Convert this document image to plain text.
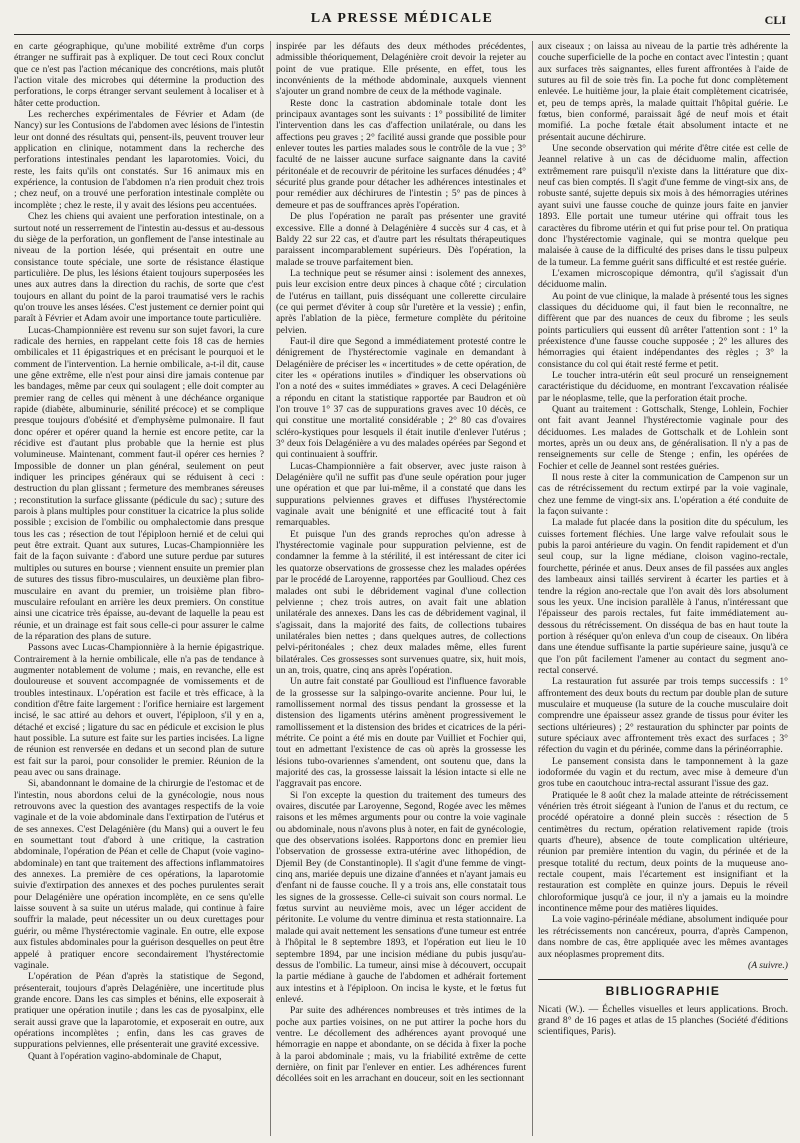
LA PRESSE MÉDICALE	CLI

en carte géographique, qu'une mobilité extrême d'un corps étranger ne suffirait pas à expliquer. De tout ceci Roux conclut que ce n'est pas l'action mécanique des concrétions, mais plutôt l'action vitale des microbes qui détermine la production des perforations, le corps étranger servant seulement à localiser et à hâter cette production.

Les recherches expérimentales de Février et Adam (de Nancy) sur les Contusions de l'abdomen avec lésions de l'intestin leur ont donné des résultats qui, pensent-ils, peuvent trouver leur application en clinique, notamment dans la recherche des perforations intestinales pendant les laparotomies. Voici, du reste, les faits qu'ils ont constatés. Sur 16 animaux mis en expérience, la contusion de l'abdomen n'a rien produit chez trois ; chez neuf, on a trouvé une perforation intestinale complète ou incomplète ; chez le reste, il y avait des lésions peu accentuées.

Chez les chiens qui avaient une perforation intestinale, on a surtout noté un resserrement de l'intestin au-dessus et au-dessous du siège de la perforation, un gonflement de l'anse intestinale au niveau de la portion lésée, qui présentait en outre une consistance toute spéciale, une sorte de résistance élastique particulière. De plus, les lésions étaient toujours superposées les unes aux autres dans la direction du rachis, de sorte que c'est toujours en allant du point de la paroi traumatisé vers le rachis qu'on trouve les anses lésées. C'est justement ce dernier point qui paraît à Février et Adam avoir une importance toute particulière.

Lucas-Championnière est revenu sur son sujet favori, la cure radicale des hernies, en rappelant cette fois 18 cas de hernies ombilicales et 11 épigastriques et en précisant le pourquoi et le comment de l'intervention. La hernie ombilicale, a-t-il dit, cause une gêne extrême, elle n'est pour ainsi dire jamais contenue par les bandages, même par ceux qui soulagent ; elle doit compter au premier rang de celles qui mènent à une déchéance organique rapide (diabète, albuminurie, sénilité précoce) et se complique presque toujours d'obésité et d'emphysème pulmonaire. Il faut donc opérer et opérer quand la hernie est encore petite, car la récidive est d'autant plus probable que la hernie est plus volumineuse. Maintenant, comment faut-il opérer ces hernies ? Impossible de donner un plan général, seulement on peut indiquer les principes généraux qui se réduisent à ceci : destruction du plan glissant ; fermeture des membranes séreuses ; reconstitution la surface glissante (pédicule du sac) ; suture des parois à plans multiples pour constituer la cicatrice la plus solide possible ; excision de l'ombilic ou omphalectomie dans presque tous les cas ; résection de tout l'épiploon hernié et de celui qui peut être extrait. Quant aux sutures, Lucas-Championnière les fait de la façon suivante : d'abord une suture perdue par sutures multiples ou sutures en bourse ; viennent ensuite un premier plan de sutures des tissus fibro-musculaires, un deuxième plan fibro-musculaire en avant du premier, un troisième plan fibro-musculaire refoulant en arrière les deux premiers. On constitue ainsi une cicatrice très épaisse, au-devant de laquelle la peau est réunie, et un drainage est fait sous celle-ci pour assurer le calme de la réparation des plans de suture.

Passons avec Lucas-Championnière à la hernie épigastrique. Contrairement à la hernie ombilicale, elle n'a pas de tendance à augmenter notablement de volume ; mais, en revanche, elle est douloureuse et souvent accompagnée de vomissements et de troubles intestinaux. L'opération est facile et très efficace, à la condition d'être faite largement : l'orifice herniaire est largement incisé, le sac attiré au dehors et ouvert, l'épiploon, s'il y en a, détaché et excisé ; ligature du sac en pédicule et excision le plus haut possible. La suture est faite sur les parties incisées. La ligne de réunion est renversée en dedans et un second plan de suture est fait sur la paroi, pour consolider le premier. Réunion de la peau avec ou sans drainage.

Si, abandonnant le domaine de la chirurgie de l'estomac et de l'intestin, nous abordons celui de la gynécologie, nous nous retrouvons avec la question des avantages respectifs de la voie vaginale et de la voie abdominale dans l'extirpation de l'utérus et de ses annexes. C'est Delagénière (du Mans) qui a ouvert le feu en soumettant tout d'abord à une critique, la castration abdominale, l'opération de Péan et celle de Chaput (voie vagino-abdominale) en tant que traitement des affections inflammatoires des annexes. La première de ces opérations, la laparotomie suivie d'extirpation des annexes et des poches purulentes serait pour Delagénière une opération incomplète, en ce sens qu'elle laisse souvent à sa suite un utérus malade, qui continue à faire souffrir la malade, peut nécessiter un ou deux curettages pour guérir, ou même l'hystérectomie vaginale. En outre, elle expose aux fistules abdominales pour la guérison desquelles on peut être appelé à pratiquer encore secondairement l'hystérectomie vaginale.

L'opération de Péan d'après la statistique de Segond, présenterait, toujours d'après Delagénière, une incertitude plus grande encore. Dans les cas simples et bénins, elle exposerait à pratiquer une opération inutile ; dans les cas de pyosalpinx, elle serait aussi grave que la laparotomie, et exposerait en outre, aux opérations incomplètes ; enfin, dans les cas graves de suppurations pelviennes, elle présenterait une gravité excessive.

Quant à l'opération vagino-abdominale de Chaput,

inspirée par les défauts des deux méthodes précédentes, admissible théoriquement, Delagénière croit devoir la rejeter au point de vue pratique. Elle présente, en effet, tous les inconvénients de la méthode abdominale, auxquels viennent s'ajouter un grand nombre de ceux de la méthode vaginale.

Reste donc la castration abdominale totale dont les principaux avantages sont les suivants : 1° possibilité de limiter l'intervention dans les cas d'affection unilatérale, ou dans les affections peu graves ; 2° facilité aussi grande que possible pour enlever toutes les parties malades sous le contrôle de la vue ; 3° faculté de ne laisser aucune surface saignante dans la cavité péritonéale et de recouvrir de péritoine les surfaces dénudées ; 4° sécurité plus grande pour détacher les adhérences intestinales et pour remédier aux déchirures de l'intestin ; 5° pas de pinces à demeure et pas de souffrances après l'opération.

De plus l'opération ne paraît pas présenter une gravité excessive. Elle a donné à Delagénière 4 succès sur 4 cas, et à Baldy 22 sur 22 cas, et d'autre part les résultats thérapeutiques paraissent incomparablement supérieurs. Dès l'opération, la malade se trouve parfaitement bien.

La technique peut se résumer ainsi : isolement des annexes, puis leur excision entre deux pinces à chaque côté ; circulation de l'utérus en taillant, puis disséquant une collerette circulaire (ce qui permet d'éviter à coup sûr l'uretère et la vessie) ; enfin, après l'ablation de la pièce, fermeture complète du péritoine pelvien.

Faut-il dire que Segond a immédiatement protesté contre le dénigrement de l'hystérectomie vaginale en demandant à Delagénière de préciser les « incertitudes » de cette opération, de citer les « opérations inutiles » d'indiquer les observations où l'on a noté des « suites immédiates » graves. A ceci Delagénière a répondu en citant la statistique rapportée par Baudron et où l'on trouve 1° 37 cas de suppurations graves avec 10 décès, ce qui constitue une mortalité considérable ; 2° 80 cas d'ovaires scléro-kystiques pour lesquels il était inutile d'enlever l'utérus ; 3° deux fois Delagénière a vu des malades opérées par Segond et qui continuaient à souffrir.

Lucas-Championnière a fait observer, avec juste raison à Delagénière qu'il ne suffit pas d'une seule opération pour juger une opération et que par lui-même, il a constaté que dans les suppurations pelviennes graves et diffuses l'hystérectomie vaginale avait une bénignité et une efficacité tout à fait remarquables.

Et puisque l'un des grands reproches qu'on adresse à l'hystérectomie vaginale pour suppuration pelvienne, est de condamner la femme à la stérilité, il est intéressant de citer ici les quatorze observations de grossesse chez les malades opérées par le procédé de Laroyenne, rapportées par Goullioud. Chez ces malades ont subi le débridement vaginal d'une collection pelvienne ; chez trois autres, on avait fait une ablation unilatérale des annexes. Dans les cas de débridement vaginal, il s'agissait, dans la majorité des faits, de collections tubaires unilatérales bien nettes ; dans quelques autres, de collections pelvi-péritonéales ; chez deux malades même, elles furent bilatérales. Ces grossesses sont survenues quatre, six, huit mois, un an, trois, quatre, cinq ans après l'opération.

Un autre fait constaté par Goullioud est l'influence favorable de la grossesse sur la salpingo-ovarite ancienne. Pour lui, le ramollissement normal des tissus pendant la grossesse et la distension des ligaments utérins amènent progressivement le ramollissement et la distension des brides et cicatrices de la péri-métrite. Ce point a été mis en doute par Vuilliet et Fochier qui, tout en admettant l'existence de cas où après la grossesse les lésions tubo-ovariennes s'amendent, ont soutenu que, dans la majorité des cas, la grossesse laissait la lésion intacte si elle ne l'aggravait pas encore.

Si l'on excepte la question du traitement des tumeurs des ovaires, discutée par Laroyenne, Segond, Rogée avec les mêmes raisons et les mêmes arguments pour ou contre la voie vaginale ou abdominale, nous n'avons plus à noter, en fait de gynécologie, que des observations isolées. Rapportons donc en premier lieu l'observation de grossesse extra-utérine avec lithopédion, de Djemil Bey (de Constantinople). Il s'agit d'une femme de vingt-cinq ans, mariée depuis une dizaine d'années et n'ayant jamais eu d'enfant ni de fausse couche. Il y a trois ans, elle constatait tous les signes de la grossesse. Celle-ci suivait son cours normal. Le fœtus survint au neuvième mois, avec un léger accident de péritonite. Le volume du ventre diminua et resta stationnaire. La malade qui avait nettement les sensations d'une tumeur est entrée à l'hôpital le 8 septembre 1893, et l'opération eut lieu le 10 septembre 1894, par une incision médiane du pubis jusqu'au-dessus de l'ombilic. La tumeur, ainsi mise à découvert, occupait la partie médiane à gauche de l'abdomen et adhérait fortement aux intestins et à l'épiploon. On incisa le kyste, et le fœtus fut enlevé.

Par suite des adhérences nombreuses et très intimes de la poche aux parties voisines, on ne put attirer la poche hors du ventre. Le décollement des adhérences ayant provoqué une hémorragie en nappe et abondante, on se décida à fixer la poche à la paroi abdominale ; mais, vu la friabilité extrême de cette dernière, on finit par l'enlever en entier. Les adhérences furent décollées soit en les arrachant en douceur, soit en les sectionnant

aux ciseaux ; on laissa au niveau de la partie très adhérente la couche superficielle de la poche en contact avec l'intestin ; quant aux surfaces très saignantes, elles furent affrontées à l'aide de sutures au fil de soie très fin. La poche fut donc complètement enlevée. Le huitième jour, la plaie était complètement cicatrisée, et, peu de temps après, la malade quittait l'hôpital guérie. Le fœtus, bien conformé, paraissait âgé de neuf mois et était momifié. La poche fœtale était absolument intacte et ne présentait aucune déchirure.

Une seconde observation qui mérite d'être citée est celle de Jeannel relative à un cas de déciduome malin, affection extrêmement rare puisqu'il n'existe dans la littérature que dix-neuf cas bien comptés. Il s'agit d'une femme de vingt-six ans, de robuste santé, sujette depuis six mois à des hémorragies utérines ayant suivi une fausse couche de quinze jours faite en janvier 1893. Elle portait une tumeur utérine qui offrait tous les caractères du fibrome utérin et qui fut prise pour tel. On pratiqua donc l'hystérectomie vaginale, qui se montra quelque peu malaisée à cause de la difficulté des prises dans le tissu pulpeux de la tumeur. La femme guérit sans difficulté et est restée guérie.

L'examen microscopique démontra, qu'il s'agissait d'un déciduome malin.

Au point de vue clinique, la malade à présenté tous les signes classiques du déciduome qui, il faut bien le reconnaître, ne diffèrent que par des nuances de ceux du fibrome ; les seuls points particuliers qui eussent dû arrêter l'attention sont : 1° la préexistence d'une fausse couche supposée ; 2° les allures des hémorragies qui étaient indépendantes des règles ; 3° la consistance du col qui était resté ferme et petit.

Le toucher intra-utérin eût seul procuré un renseignement caractéristique du déciduome, en montrant l'excavation réalisée par le néoplasme, telle, que la perforation était proche.

Quant au traitement : Gottschalk, Stenge, Lohlein, Fochier ont fait avant Jeannel l'hystérectomie vaginale pour des déciduomes. Les malades de Gottschalk et de Lohlein sont mortes, après un ou deux ans, de généralisation. Il n'y a pas de renseignements sur celle de Stenge ; enfin, les opérées de Fochier et celle de Jeannel sont restées guéries.

Il nous reste à citer la communication de Campenon sur un cas de rétrécissement du rectum extirpé par la voie vaginale, chez une femme de vingt-six ans. L'opération a été conduite de la façon suivante :

La malade fut placée dans la position dite du spéculum, les cuisses fortement fléchies. Une large valve refoulait sous le pubis la paroi antérieure du vagin. On fendit rapidement et d'un seul coup, sur la ligne médiane, cloison vagino-rectale, fourchette, périnée et anus. Deux anses de fil passées aux angles des lambeaux ainsi taillés servirent à écarter les parties et à tendre la région ano-rectale que l'on avait dès lors absolument sous les yeux. Une incision parallèle à l'anus, n'intéressant que l'épaisseur des parois rectales, fut faite immédiatement au-dessous du rétrécissement. On disséqua de bas en haut toute la portion à réséquer qu'on enleva d'un coup de ciseaux. On libéra dans une étendue suffisante la partie supérieure saine, jusqu'à ce que l'on pût facilement l'amener au contact du segment ano-rectal conservé.

La restauration fut assurée par trois temps successifs : 1° affrontement des deux bouts du rectum par double plan de suture musculaire et muqueuse (la suture de la couche musculaire doit comprendre une épaisseur assez grande de tissus pour éviter les sections ultérieures) ; 2° restauration du sphincter par points de suture spéciaux avec affrontement très exact des surfaces ; 3° réfection du vagin et du périnée, comme dans la périnéorraphie.

Le pansement consista dans le tamponnement à la gaze iodoformée du vagin et du rectum, avec mise à demeure d'un gros tube en caoutchouc intra-rectal assurant l'issue des gaz.

Pratiquée le 8 août chez la malade atteinte de rétrécissement vénérien très étroit siégeant à l'union de l'anus et du rectum, ce procédé opératoire a donné plein succès : résection de 5 centimètres du rectum, opération relativement rapide (trois quarts d'heure), absence de toute complication ultérieure, réunion par première intention du vagin, du périnée et de la presque totalité du rectum, deux points de la muqueuse ano-rectale coupent, mais l'écartement est insignifiant et la restauration est complète en quinze jours. Depuis le réveil chloroformique jusqu'à ce jour, il n'y a jamais eu la moindre incontinence même pour des matières liquides.

La voie vagino-périnéale médiane, absolument indiquée pour les rétrécissements non cancéreux, pourra, d'après Campenon, dans nombre de cas, être appliquée avec les mêmes avantages aux néoplasmes proprement dits.

(A suivre.)

BIBLIOGRAPHIE

Nicati (W.). — Échelles visuelles et leurs applications. Broch. grand 8° de 16 pages et atlas de 15 planches (Société d'éditions scientifiques, Paris).
